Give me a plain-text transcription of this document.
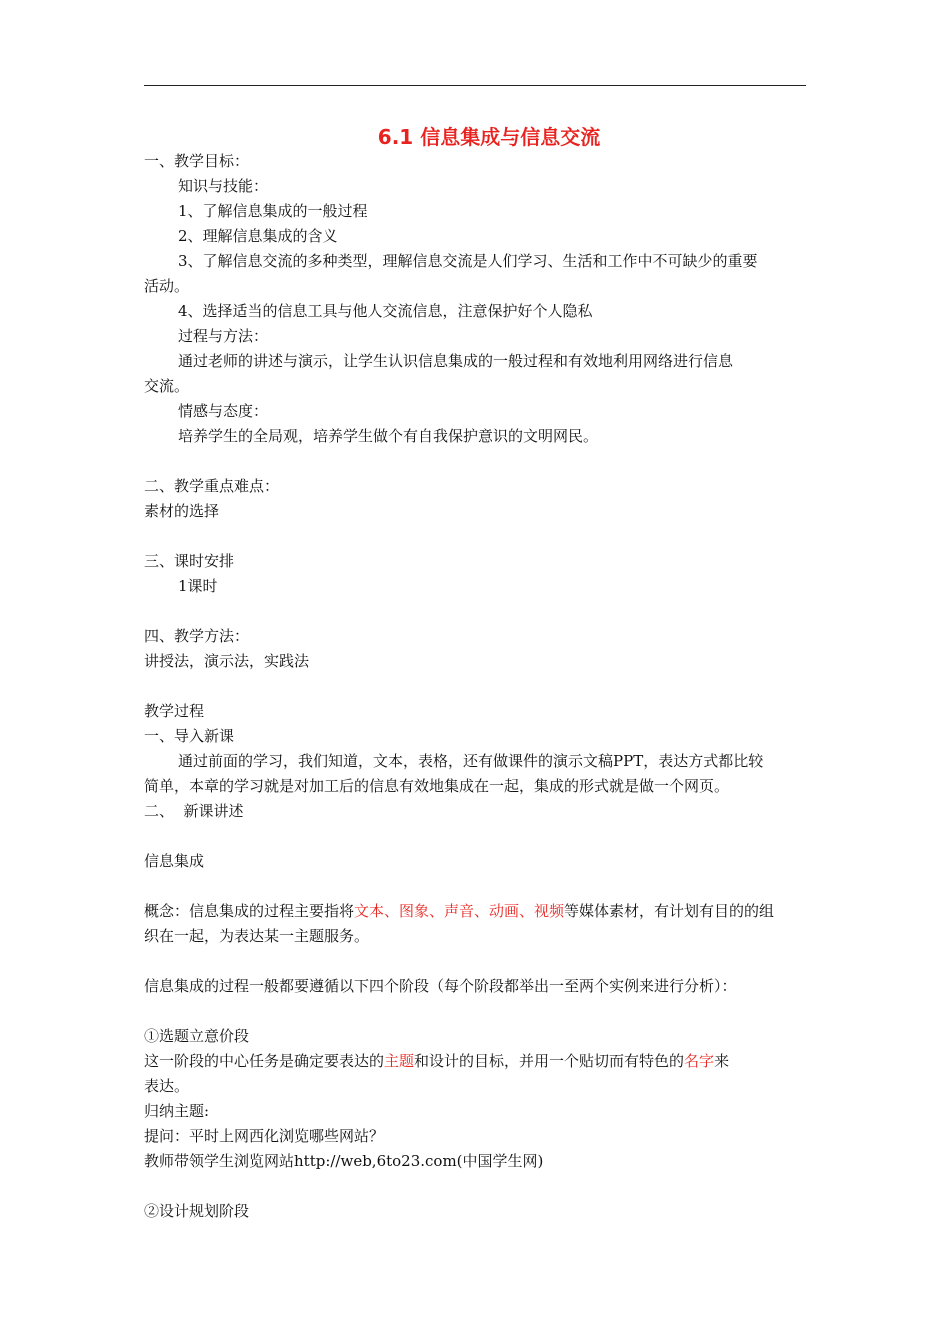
6.1 信息集成与信息交流
一、教学目标：
知识与技能：
1、了解信息集成的一般过程
2、理解信息集成的含义
3、了解信息交流的多种类型，理解信息交流是人们学习、生活和工作中不可缺少的重要
活动。
4、选择适当的信息工具与他人交流信息，注意保护好个人隐私
过程与方法：
通过老师的讲述与演示，让学生认识信息集成的一般过程和有效地利用网络进行信息
交流。
情感与态度：
培养学生的全局观，培养学生做个有自我保护意识的文明网民。
二、教学重点难点：
素材的选择
三、课时安排
1课时
四、教学方法：
讲授法，演示法，实践法
教学过程
一、导入新课
通过前面的学习，我们知道，文本，表格，还有做课件的演示文稿PPT，表达方式都比较
简单，本章的学习就是对加工后的信息有效地集成在一起，集成的形式就是做一个网页。
二、  新课讲述
信息集成
概念：信息集成的过程主要指将文本、图象、声音、动画、视频等媒体素材，有计划有目的的组
织在一起，为表达某一主题服务。
信息集成的过程一般都要遵循以下四个阶段（每个阶段都举出一至两个实例来进行分析）：
①选题立意价段
这一阶段的中心任务是确定要表达的主题和设计的目标，并用一个贴切而有特色的名字来
表达。
归纳主题:
提问：平时上网西化浏览哪些网站？
教师带领学生浏览网站http://web,6to23.com(中国学生网)
②设计规划阶段
